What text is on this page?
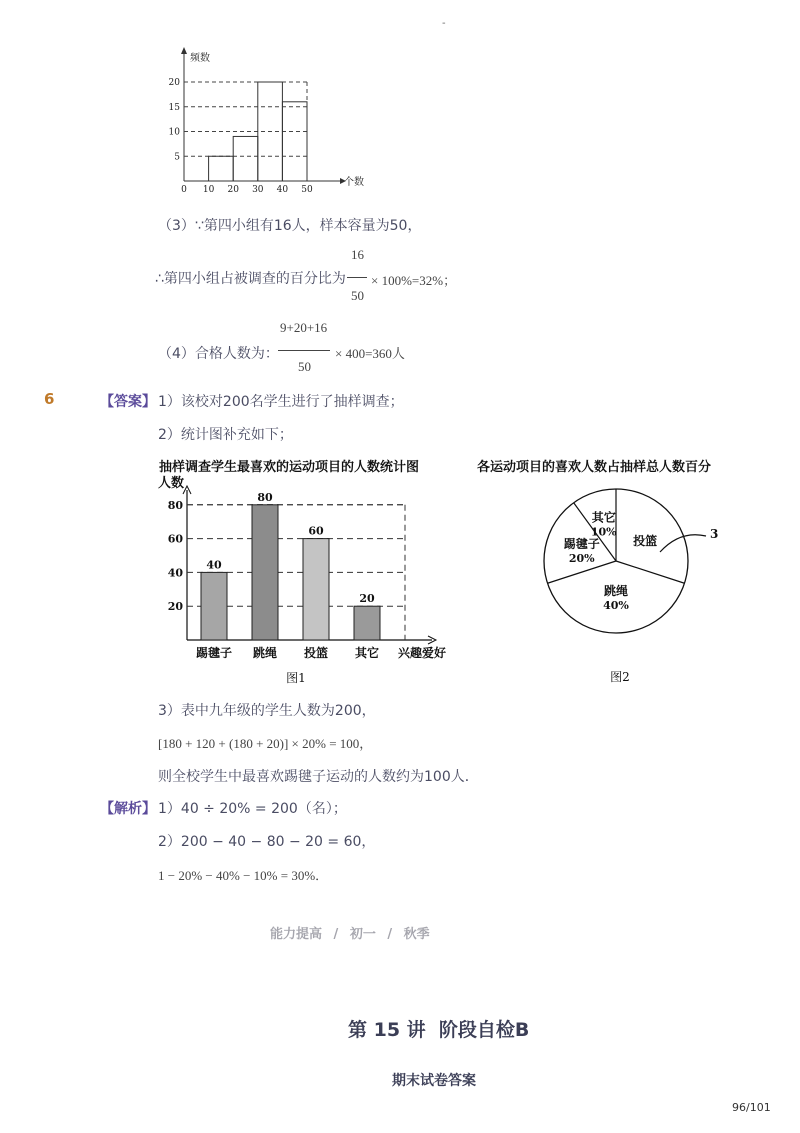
-
频数
个数
5
10
15
20
0 10 20 30 40 50
（3）∵第四小组有16人，样本容量为50，
16
∴第四小组占被调查的百分比为 × 100%=32%；
50
9+20+16
（4）合格人数为：	× 400=360人
50
6	【答案】 1）该校对200名学生进行了抽样调查；
2）统计图补充如下；
抽样调查学生最喜欢的运动项目的人数统计图
人数
兴趣爱好
20
40
60
80
40
踢毽子
80
跳绳
60
投篮
20
其它
图1
各运动项目的喜欢人数占抽样总人数百分
投篮
跳绳
40%
踢毽子
20%
其它
10%	3
图2
3）表中九年级的学生人数为200，
[180 + 120 + (180 + 20)] × 20% = 100，
则全校学生中最喜欢踢毽子运动的人数约为100人．
【解析】 1）40 ÷ 20% = 200（名）；
2）200 − 40 − 80 − 20 = 60，
1 − 20% − 40% − 10% = 30%．
能力提高 / 初一 / 秋季
第 15 讲  阶段自检B
期末试卷答案
96/101
